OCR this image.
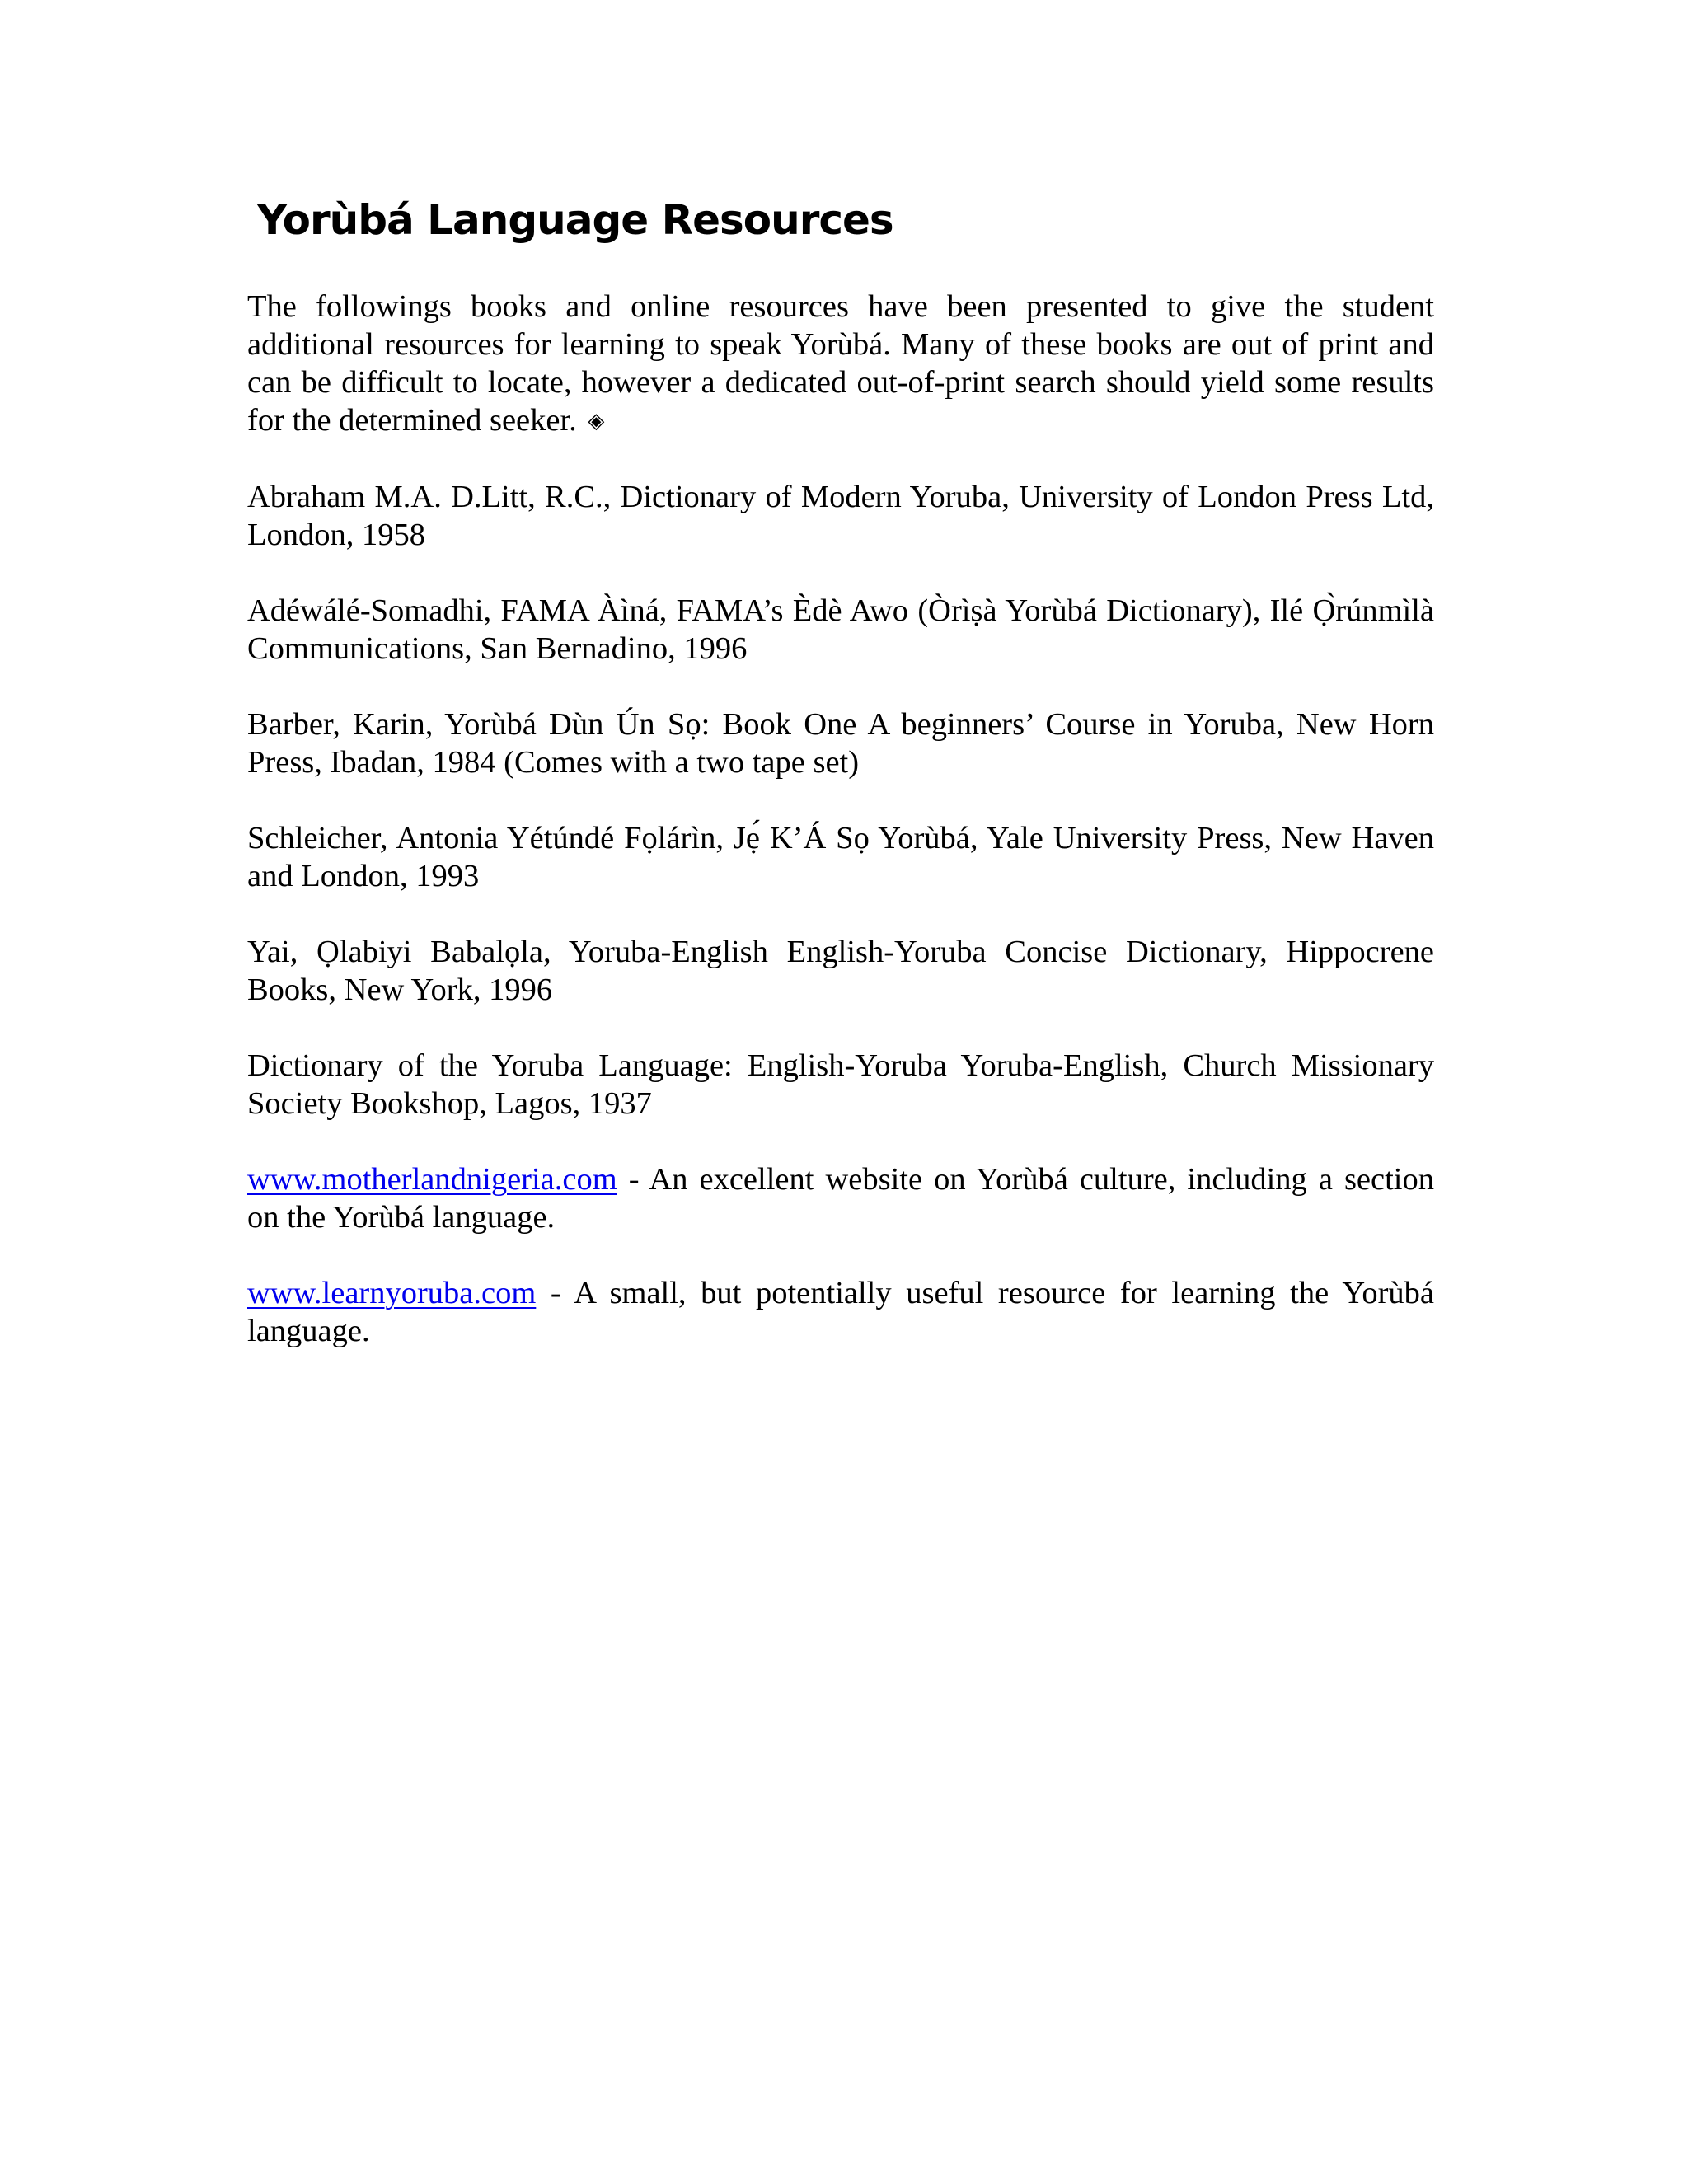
Yorùbá Language Resources

The followings books and online resources have been presented to give the student additional resources for learning to speak Yorùbá. Many of these books are out of print and can be difficult to locate, however a dedicated out-of-print search should yield some results for the determined seeker. ◈

Abraham M.A. D.Litt, R.C., Dictionary of Modern Yoruba, University of London Press Ltd, London, 1958

Adéwálé-Somadhi, FAMA Àìná, FAMA’s Èdè Awo (Òrìṣà Yorùbá Dictionary), Ilé Ọ̀rúnmìlà Communications, San Bernadino, 1996

Barber, Karin, Yorùbá Dùn Ún Sọ: Book One A beginners’ Course in Yoruba, New Horn Press, Ibadan, 1984 (Comes with a two tape set)

Schleicher, Antonia Yétúndé Fọlárìn, Jẹ́ K’Á Sọ Yorùbá, Yale University Press, New Haven and London, 1993

Yai, Ọlabiyi Babalọla, Yoruba-English English-Yoruba Concise Dictionary, Hippocrene Books, New York, 1996

Dictionary of the Yoruba Language: English-Yoruba Yoruba-English, Church Missionary Society Bookshop, Lagos, 1937

www.motherlandnigeria.com - An excellent website on Yorùbá culture, including a section on the Yorùbá language.

www.learnyoruba.com - A small, but potentially useful resource for learning the Yorùbá language.
